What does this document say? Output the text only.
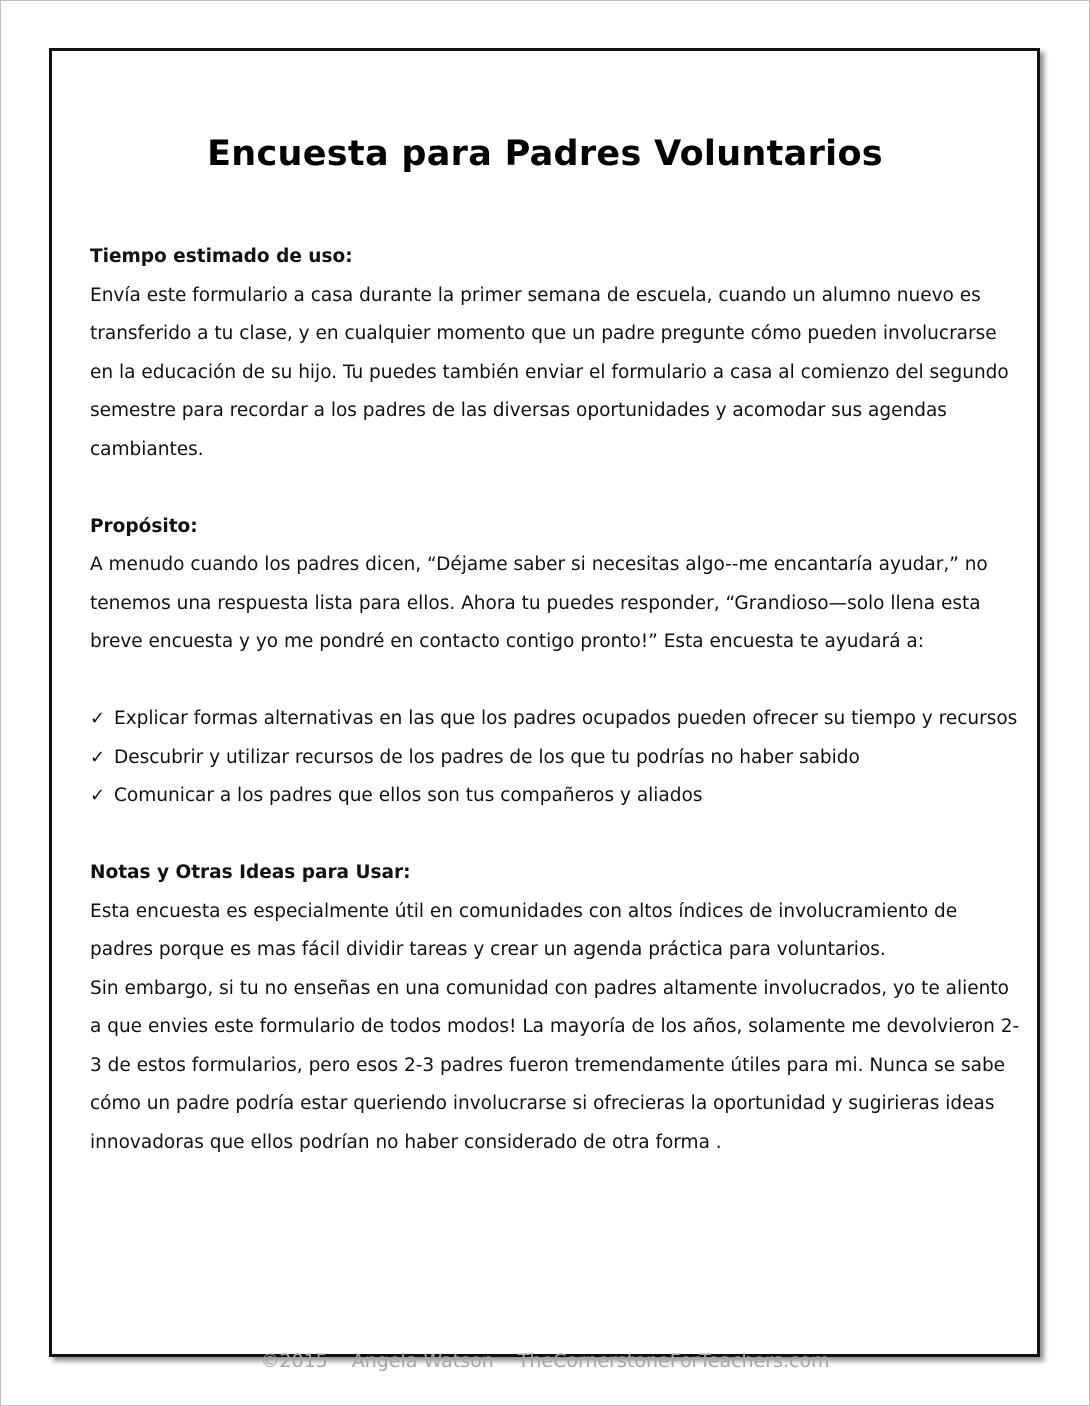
Encuesta para Padres Voluntarios

Tiempo estimado de uso:

Envía este formulario a casa durante la primer semana de escuela, cuando un alumno nuevo es transferido a tu clase, y en cualquier momento que un padre pregunte cómo pueden involucrarse en la educación de su hijo. Tu puedes también enviar el formulario a casa al comienzo del segundo semestre para recordar a los padres de las diversas oportunidades y acomodar sus agendas cambiantes.

Propósito:

A menudo cuando los padres dicen, “Déjame saber si necesitas algo--me encantaría ayudar,” no tenemos una respuesta lista para ellos. Ahora tu puedes responder, “Grandioso—solo llena esta breve encuesta y yo me pondré en contacto contigo pronto!” Esta encuesta te ayudará a:

✓ Explicar formas alternativas en las que los padres ocupados pueden ofrecer su tiempo y recursos
✓ Descubrir y utilizar recursos de los padres de los que tu podrías no haber sabido
✓ Comunicar a los padres que ellos son tus compañeros y aliados

Notas y Otras Ideas para Usar:

Esta encuesta es especialmente útil en comunidades con altos índices de involucramiento de padres porque es mas fácil dividir tareas y crear un agenda práctica para voluntarios.

Sin embargo, si tu no enseñas en una comunidad con padres altamente involucrados, yo te aliento a que envies este formulario de todos modos! La mayoría de los años, solamente me devolvieron 2-3 de estos formularios, pero esos 2-3 padres fueron tremendamente útiles para mi. Nunca se sabe cómo un padre podría estar queriendo involucrarse si ofrecieras la oportunidad y sugirieras ideas innovadoras que ellos podrían no haber considerado de otra forma .

©2015 Angela Watson TheCornerstoneForTeachers.com
